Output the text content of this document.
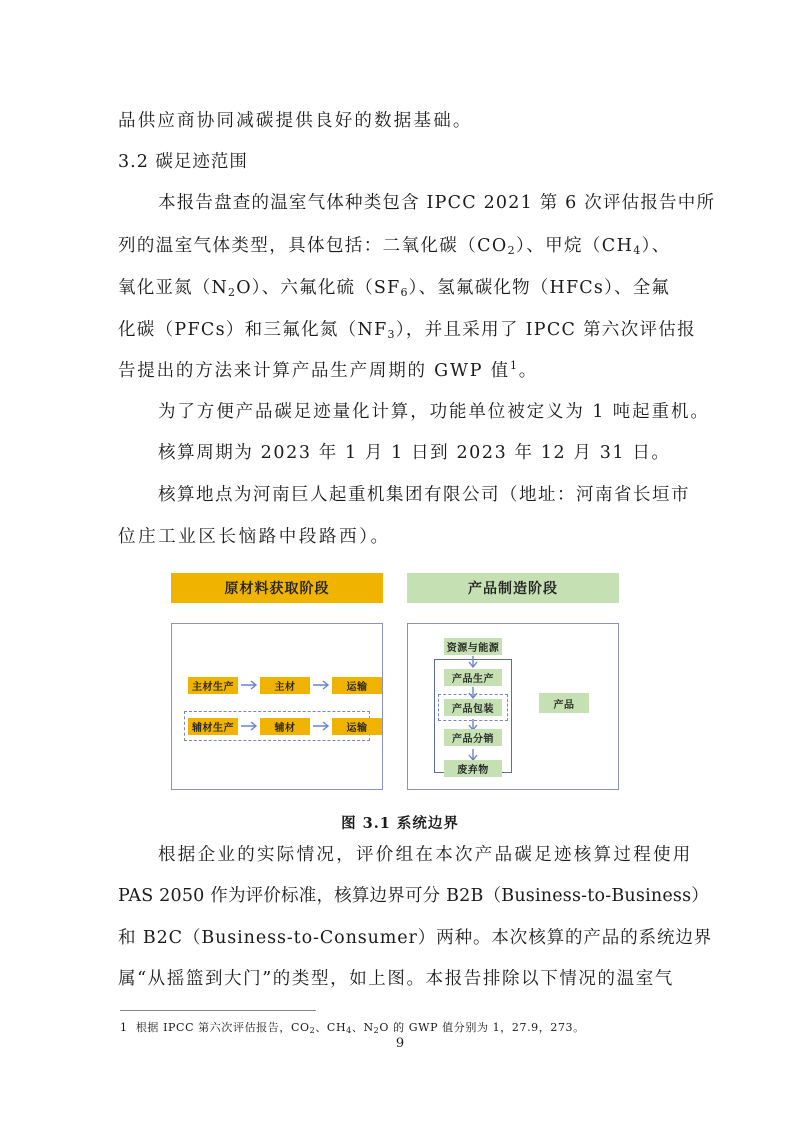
品供应商协同减碳提供良好的数据基础。
3.2 碳足迹范围
本报告盘查的温室气体种类包含 IPCC 2021 第 6 次评估报告中所
列的温室气体类型，具体包括：二氧化碳$(CO_2)$、甲烷$(CH_4)$、
氧化亚氮$(N_2O)$、六氟化硫$(SF_6)$、氢氟碳化物（HFCs）、全氟
化碳（PFCs）和三氟化氮$(NF_3)$，并且采用了 IPCC 第六次评估报
告提出的方法来计算产品生产周期的 GWP 值$^1$。
为了方便产品碳足迹量化计算，功能单位被定义为 1 吨起重机。
核算周期为 2023 年 1 月 1 日到 2023 年 12 月 31 日。
核算地点为河南巨人起重机集团有限公司（地址：河南省长垣市
位庄工业区长恼路中段路西）。
原材料获取阶段
主材生产	主材	运输
辅材生产	辅材	运输
产品制造阶段
资源与能源
产品生产
产品包装
产品分销
废弃物
产品
图 3.1 系统边界
根据企业的实际情况，评价组在本次产品碳足迹核算过程使用
PAS 2050 作为评价标准，核算边界可分 B2B（Business-to-Business）
和 B2C（Business-to-Consumer）两种。本次核算的产品的系统边界
属“从摇篮到大门”的类型，如上图。本报告排除以下情况的温室气
1 根据 IPCC 第六次评估报告，$CO_2$、$CH_4$、$N_2O$ 的 GWP 值分别为 1，27.9，273。
9
